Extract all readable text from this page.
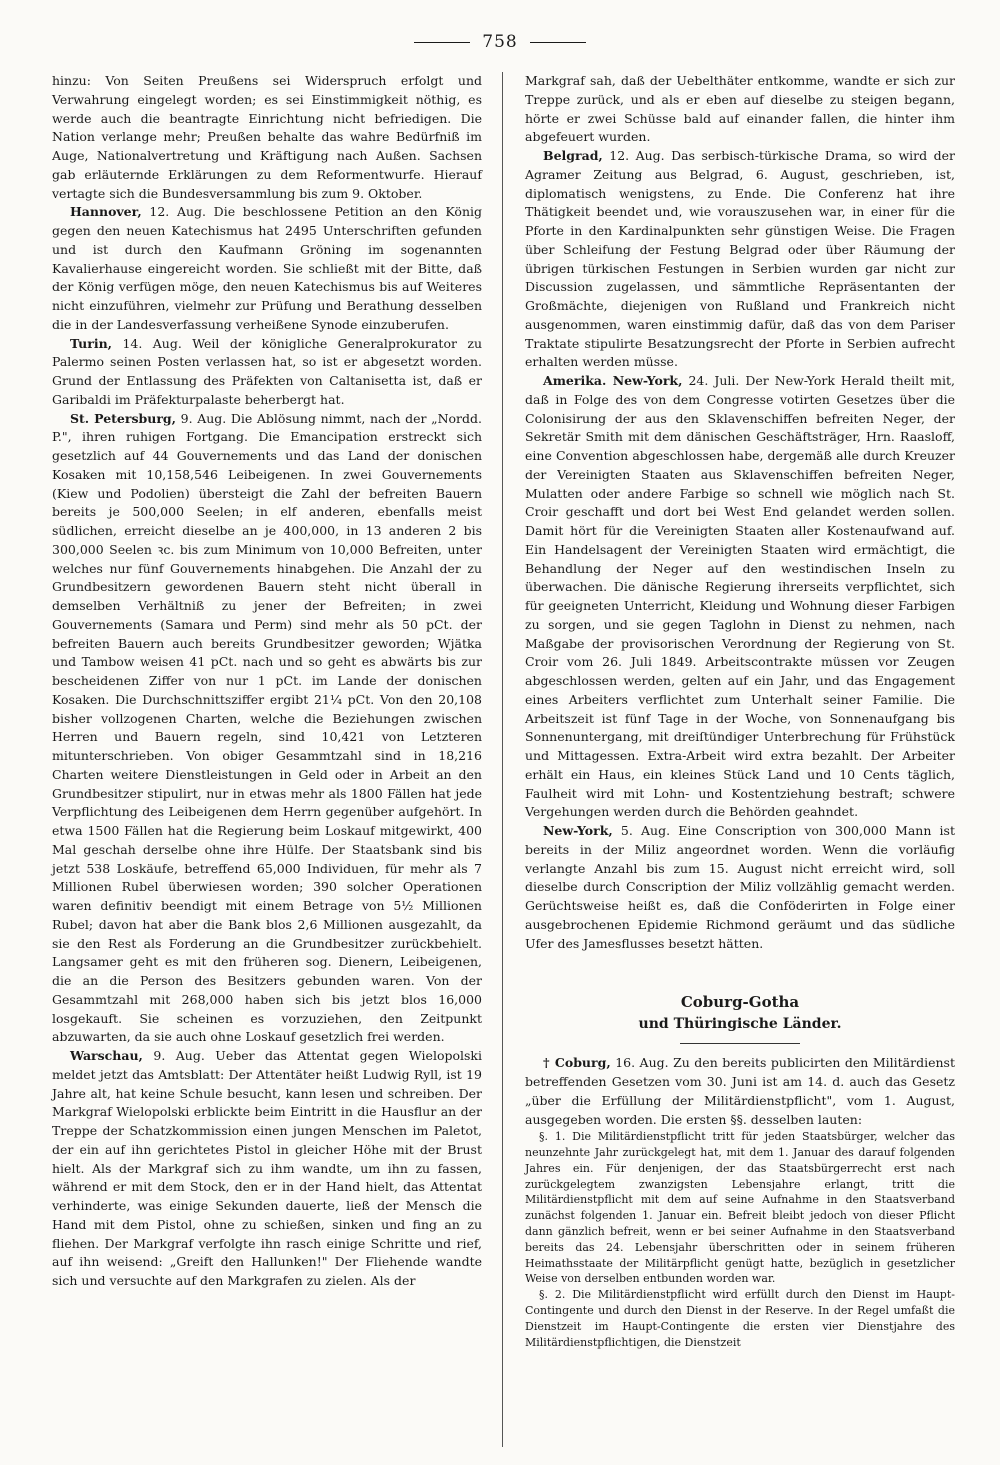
758

hinzu: Von Seiten Preußens sei Widerspruch erfolgt und Verwahrung eingelegt worden; es sei Einstimmigkeit nöthig, es werde auch die beantragte Einrichtung nicht befriedigen. Die Nation verlange mehr; Preußen behalte das wahre Bedürfniß im Auge, Nationalvertretung und Kräftigung nach Außen. Sachsen gab erläuternde Erklärungen zu dem Reformentwurfe. Hierauf vertagte sich die Bundesversammlung bis zum 9. Oktober.

Hannover, 12. Aug. Die beschlossene Petition an den König gegen den neuen Katechismus hat 2495 Unterschriften gefunden und ist durch den Kaufmann Gröning im sogenannten Kavalierhause eingereicht worden. Sie schließt mit der Bitte, daß der König verfügen möge, den neuen Katechismus bis auf Weiteres nicht einzuführen, vielmehr zur Prüfung und Berathung desselben die in der Landesverfassung verheißene Synode einzuberufen.

Turin, 14. Aug. Weil der königliche Generalprokurator zu Palermo seinen Posten verlassen hat, so ist er abgesetzt worden. Grund der Entlassung des Präfekten von Caltanisetta ist, daß er Garibaldi im Präfekturpalaste beherbergt hat.

St. Petersburg, 9. Aug. Die Ablösung nimmt, nach der „Nordd. P.", ihren ruhigen Fortgang. Die Emancipation erstreckt sich gesetzlich auf 44 Gouvernements und das Land der donischen Kosaken mit 10,158,546 Leibeigenen. In zwei Gouvernements (Kiew und Podolien) übersteigt die Zahl der befreiten Bauern bereits je 500,000 Seelen; in elf anderen, ebenfalls meist südlichen, erreicht dieselbe an je 400,000, in 13 anderen 2 bis 300,000 Seelen ꝛc. bis zum Minimum von 10,000 Befreiten, unter welches nur fünf Gouvernements hinabgehen. Die Anzahl der zu Grundbesitzern gewordenen Bauern steht nicht überall in demselben Verhältniß zu jener der Befreiten; in zwei Gouvernements (Samara und Perm) sind mehr als 50 pCt. der befreiten Bauern auch bereits Grundbesitzer geworden; Wjätka und Tambow weisen 41 pCt. nach und so geht es abwärts bis zur bescheidenen Ziffer von nur 1 pCt. im Lande der donischen Kosaken. Die Durchschnittsziffer ergibt 21¼ pCt. Von den 20,108 bisher vollzogenen Charten, welche die Beziehungen zwischen Herren und Bauern regeln, sind 10,421 von Letzteren mitunterschrieben. Von obiger Gesammtzahl sind in 18,216 Charten weitere Dienstleistungen in Geld oder in Arbeit an den Grundbesitzer stipulirt, nur in etwas mehr als 1800 Fällen hat jede Verpflichtung des Leibeigenen dem Herrn gegenüber aufgehört. In etwa 1500 Fällen hat die Regierung beim Loskauf mitgewirkt, 400 Mal geschah derselbe ohne ihre Hülfe. Der Staatsbank sind bis jetzt 538 Loskäufe, betreffend 65,000 Individuen, für mehr als 7 Millionen Rubel überwiesen worden; 390 solcher Operationen waren definitiv beendigt mit einem Betrage von 5½ Millionen Rubel; davon hat aber die Bank blos 2,6 Millionen ausgezahlt, da sie den Rest als Forderung an die Grundbesitzer zurückbehielt. Langsamer geht es mit den früheren sog. Dienern, Leibeigenen, die an die Person des Besitzers gebunden waren. Von der Gesammtzahl mit 268,000 haben sich bis jetzt blos 16,000 losgekauft. Sie scheinen es vorzuziehen, den Zeitpunkt abzuwarten, da sie auch ohne Loskauf gesetzlich frei werden.

Warschau, 9. Aug. Ueber das Attentat gegen Wielopolski meldet jetzt das Amtsblatt: Der Attentäter heißt Ludwig Ryll, ist 19 Jahre alt, hat keine Schule besucht, kann lesen und schreiben. Der Markgraf Wielopolski erblickte beim Eintritt in die Hausflur an der Treppe der Schatzkommission einen jungen Menschen im Paletot, der ein auf ihn gerichtetes Pistol in gleicher Höhe mit der Brust hielt. Als der Markgraf sich zu ihm wandte, um ihn zu fassen, während er mit dem Stock, den er in der Hand hielt, das Attentat verhinderte, was einige Sekunden dauerte, ließ der Mensch die Hand mit dem Pistol, ohne zu schießen, sinken und fing an zu fliehen. Der Markgraf verfolgte ihn rasch einige Schritte und rief, auf ihn weisend: „Greift den Hallunken!" Der Fliehende wandte sich und versuchte auf den Markgrafen zu zielen. Als der

Markgraf sah, daß der Uebelthäter entkomme, wandte er sich zur Treppe zurück, und als er eben auf dieselbe zu steigen begann, hörte er zwei Schüsse bald auf einander fallen, die hinter ihm abgefeuert wurden.

Belgrad, 12. Aug. Das serbisch-türkische Drama, so wird der Agramer Zeitung aus Belgrad, 6. August, geschrieben, ist, diplomatisch wenigstens, zu Ende. Die Conferenz hat ihre Thätigkeit beendet und, wie vorauszusehen war, in einer für die Pforte in den Kardinalpunkten sehr günstigen Weise. Die Fragen über Schleifung der Festung Belgrad oder über Räumung der übrigen türkischen Festungen in Serbien wurden gar nicht zur Discussion zugelassen, und sämmtliche Repräsentanten der Großmächte, diejenigen von Rußland und Frankreich nicht ausgenommen, waren einstimmig dafür, daß das von dem Pariser Traktate stipulirte Besatzungsrecht der Pforte in Serbien aufrecht erhalten werden müsse.

Amerika. New-York, 24. Juli. Der New-York Herald theilt mit, daß in Folge des von dem Congresse votirten Gesetzes über die Colonisirung der aus den Sklavenschiffen befreiten Neger, der Sekretär Smith mit dem dänischen Geschäftsträger, Hrn. Raasloff, eine Convention abgeschlossen habe, dergemäß alle durch Kreuzer der Vereinigten Staaten aus Sklavenschiffen befreiten Neger, Mulatten oder andere Farbige so schnell wie möglich nach St. Croir geschafft und dort bei West End gelandet werden sollen. Damit hört für die Vereinigten Staaten aller Kostenaufwand auf. Ein Handelsagent der Vereinigten Staaten wird ermächtigt, die Behandlung der Neger auf den westindischen Inseln zu überwachen. Die dänische Regierung ihrerseits verpflichtet, sich für geeigneten Unterricht, Kleidung und Wohnung dieser Farbigen zu sorgen, und sie gegen Taglohn in Dienst zu nehmen, nach Maßgabe der provisorischen Verordnung der Regierung von St. Croir vom 26. Juli 1849. Arbeitscontrakte müssen vor Zeugen abgeschlossen werden, gelten auf ein Jahr, und das Engagement eines Arbeiters verflichtet zum Unterhalt seiner Familie. Die Arbeitszeit ist fünf Tage in der Woche, von Sonnenaufgang bis Sonnenuntergang, mit dreiſtündiger Unterbrechung für Frühstück und Mittagessen. Extra-Arbeit wird extra bezahlt. Der Arbeiter erhält ein Haus, ein kleines Stück Land und 10 Cents täglich, Faulheit wird mit Lohn- und Kostentziehung bestraft; schwere Vergehungen werden durch die Behörden geahndet.

New-York, 5. Aug. Eine Conscription von 300,000 Mann ist bereits in der Miliz angeordnet worden. Wenn die vorläufig verlangte Anzahl bis zum 15. August nicht erreicht wird, soll dieselbe durch Conscription der Miliz vollzählig gemacht werden. Gerüchtsweise heißt es, daß die Conföderirten in Folge einer ausgebrochenen Epidemie Richmond geräumt und das südliche Ufer des Jamesflusses besetzt hätten.

Coburg-Gotha
und Thüringische Länder.

† Coburg, 16. Aug. Zu den bereits publicirten den Militärdienst betreffenden Gesetzen vom 30. Juni ist am 14. d. auch das Gesetz „über die Erfüllung der Militärdienstpflicht", vom 1. August, ausgegeben worden. Die ersten §§. desselben lauten:

§. 1. Die Militärdienstpflicht tritt für jeden Staatsbürger, welcher das neunzehnte Jahr zurückgelegt hat, mit dem 1. Januar des darauf folgenden Jahres ein. Für denjenigen, der das Staatsbürgerrecht erst nach zurückgelegtem zwanzigsten Lebensjahre erlangt, tritt die Militärdienstpflicht mit dem auf seine Aufnahme in den Staatsverband zunächst folgenden 1. Januar ein. Befreit bleibt jedoch von dieser Pflicht dann gänzlich befreit, wenn er bei seiner Aufnahme in den Staatsverband bereits das 24. Lebensjahr überschritten oder in seinem früheren Heimathsstaate der Militärpflicht genügt hatte, bezüglich in gesetzlicher Weise von derselben entbunden worden war.

§. 2. Die Militärdienstpflicht wird erfüllt durch den Dienst im Haupt-Contingente und durch den Dienst in der Reserve. In der Regel umfaßt die Dienstzeit im Haupt-Contingente die ersten vier Dienstjahre des Militärdienstpflichtigen, die Dienstzeit
